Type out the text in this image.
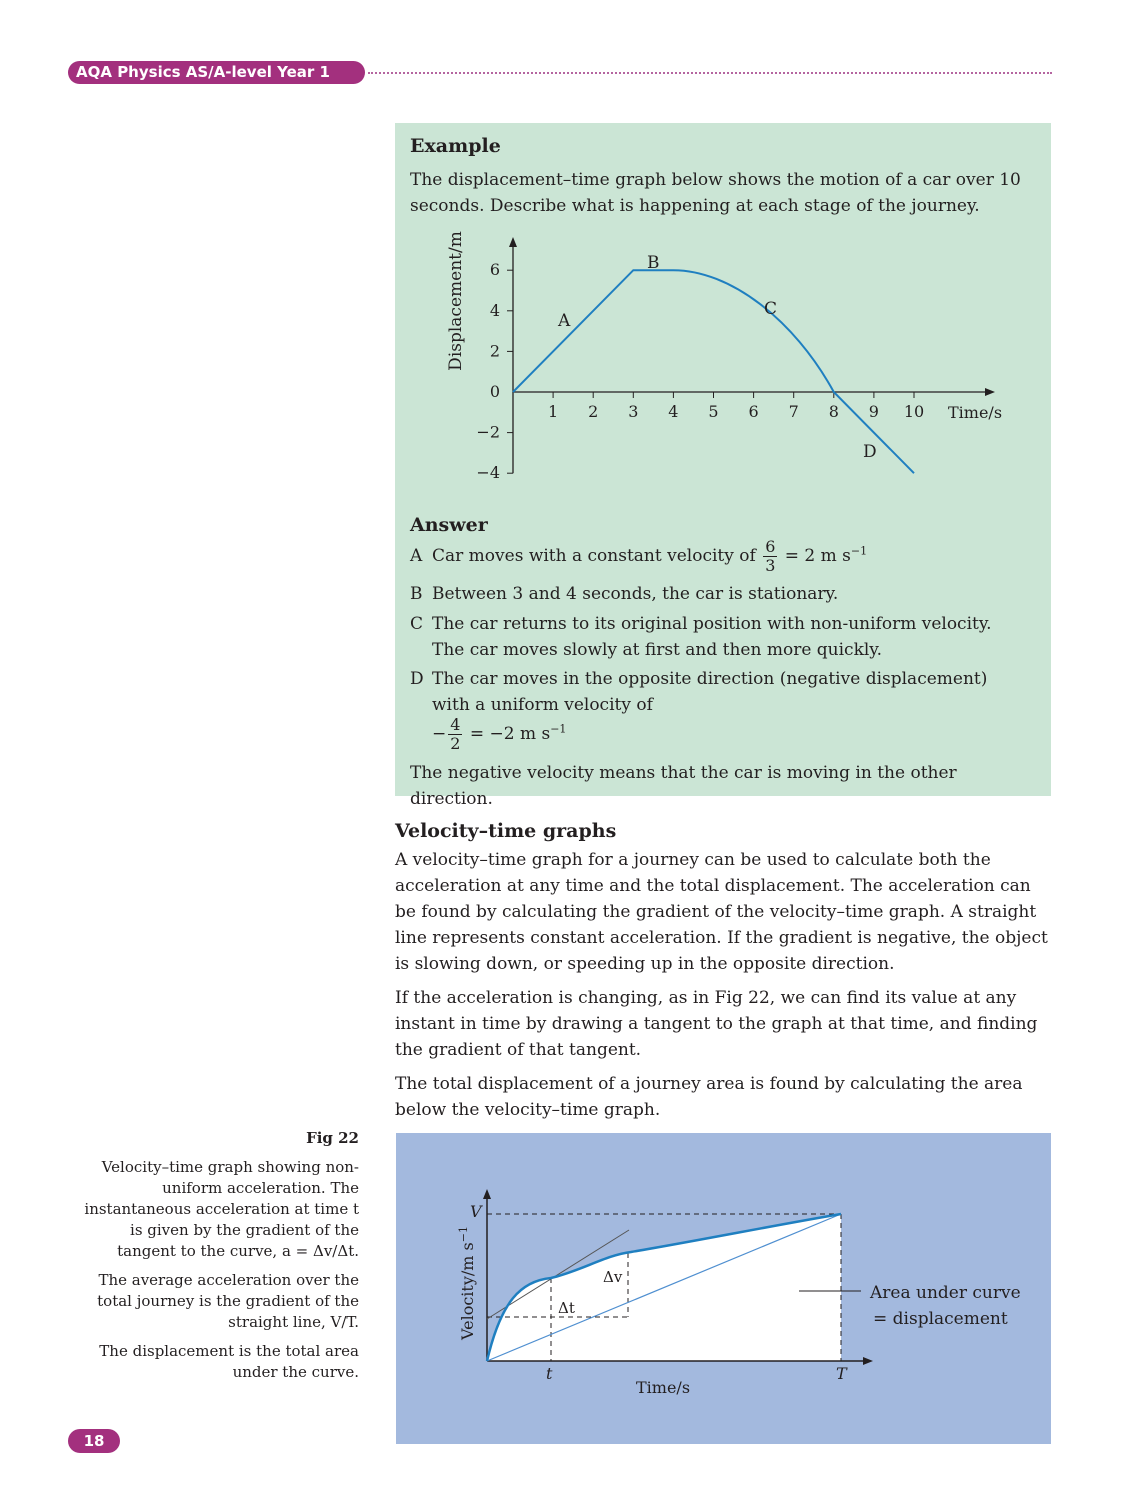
AQA Physics AS/A-level Year 1
Example
The displacement–time graph below shows the motion of a car over 10 seconds. Describe what is happening at each stage of the journey.
6
4
2
0
−2
−4
1 2 3 4 5 6 7 8 9 10
Displacement/m
Time/s
A
B
C
D
Answer
A Car moves with a constant velocity of $\frac{6}{3} = 2$ m $s^{-1}$
B Between 3 and 4 seconds, the car is stationary.
C The car returns to its original position with non-uniform velocity.
The car moves slowly at first and then more quickly.
D The car moves in the opposite direction (negative displacement)
with a uniform velocity of
− $\frac{4}{2} = -2$ m $s^{-1}$
The negative velocity means that the car is moving in the other direction.
Velocity–time graphs
A velocity–time graph for a journey can be used to calculate both the acceleration at any time and the total displacement. The acceleration can be found by calculating the gradient of the velocity–time graph. A straight line represents constant acceleration. If the gradient is negative, the object is slowing down, or speeding up in the opposite direction.
If the acceleration is changing, as in Fig 22, we can find its value at any instant in time by drawing a tangent to the graph at that time, and finding the gradient of that tangent.
The total displacement of a journey area is found by calculating the area below the velocity–time graph.

Fig 22

Velocity–time graph showing non-uniform acceleration. The instantaneous acceleration at time t is given by the gradient of the tangent to the curve, a = Δv/Δt.

The average acceleration over the total journey is the gradient of the straight line, V/T.

The displacement is the total area under the curve.

V
t	T
Time/s
Velocity/m $s^{-1}$
Δv
Δt
Area under curve
= displacement
18
